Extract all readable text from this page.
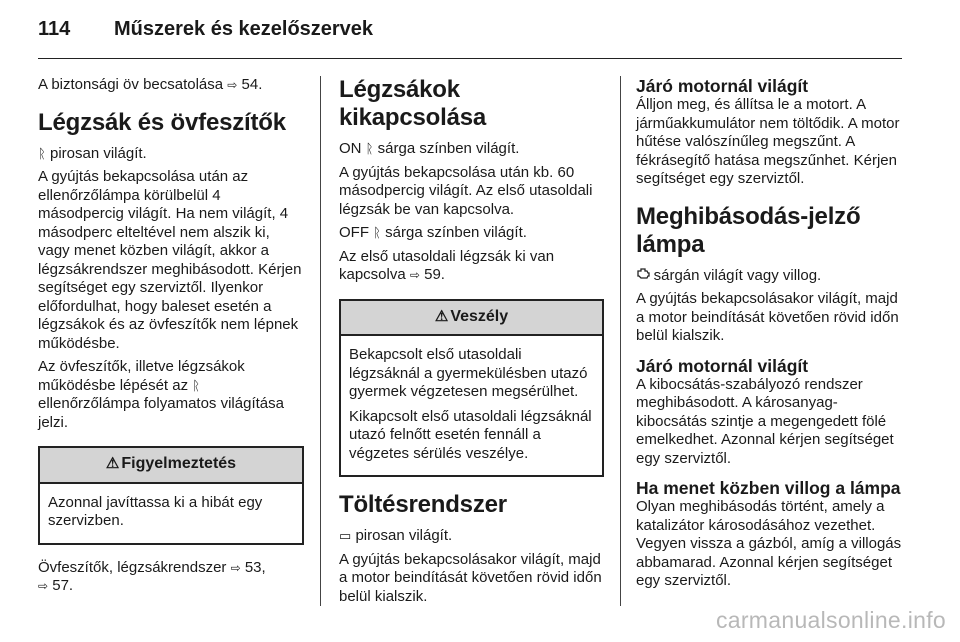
114 Műszerek és kezelőszervek

A biztonsági öv becsatolása ⇨ 54.

Légzsák és övfeszítők

ᚱ pirosan világít.

A gyújtás bekapcsolása után az ellenőrzőlámpa körülbelül 4 másodpercig világít. Ha nem világít, 4 másodperc elteltével nem alszik ki, vagy menet közben világít, akkor a légzsákrendszer meghibásodott. Kérjen segítséget egy szerviztől. Ilyenkor előfordulhat, hogy baleset esetén a légzsákok és az övfeszítők nem lépnek működésbe.

Az övfeszítők, illetve légzsákok működésbe lépését az ᚱ ellenőrzőlámpa folyamatos világítása jelzi.

⚠ Figyelmeztetés

Azonnal javíttassa ki a hibát egy szervizben.

Övfeszítők, légzsákrendszer ⇨ 53,
⇨ 57.

Légzsákok kikapcsolása

ON ᚱ sárga színben világít.

A gyújtás bekapcsolása után kb. 60 másodpercig világít. Az első utasoldali légzsák be van kapcsolva.

OFF ᚱ sárga színben világít.

Az első utasoldali légzsák ki van kapcsolva ⇨ 59.

⚠ Veszély

Bekapcsolt első utasoldali légzsáknál a gyermekülésben utazó gyermek végzetesen megsérülhet.

Kikapcsolt első utasoldali légzsáknál utazó felnőtt esetén fennáll a végzetes sérülés veszélye.

Töltésrendszer

▭ pirosan világít.

A gyújtás bekapcsolásakor világít, majd a motor beindítását követően rövid időn belül kialszik.

Járó motornál világít

Álljon meg, és állítsa le a motort. A járműakkumulátor nem töltődik. A motor hűtése valószínűleg megszűnt. A fékrásegítő hatása megszűnhet. Kérjen segítséget egy szerviztől.

Meghibásodás-jelző lámpa

sárgán világít vagy villog.

A gyújtás bekapcsolásakor világít, majd a motor beindítását követően rövid időn belül kialszik.

Járó motornál világít

A kibocsátás-szabályozó rendszer meghibásodott. A károsanyag-kibocsátás szintje a megengedett fölé emelkedhet. Azonnal kérjen segítséget egy szerviztől.

Ha menet közben villog a lámpa

Olyan meghibásodás történt, amely a katalizátor károsodásához vezethet. Vegyen vissza a gázból, amíg a villogás abbamarad. Azonnal kérjen segítséget egy szerviztől.

carmanualsonline.info
